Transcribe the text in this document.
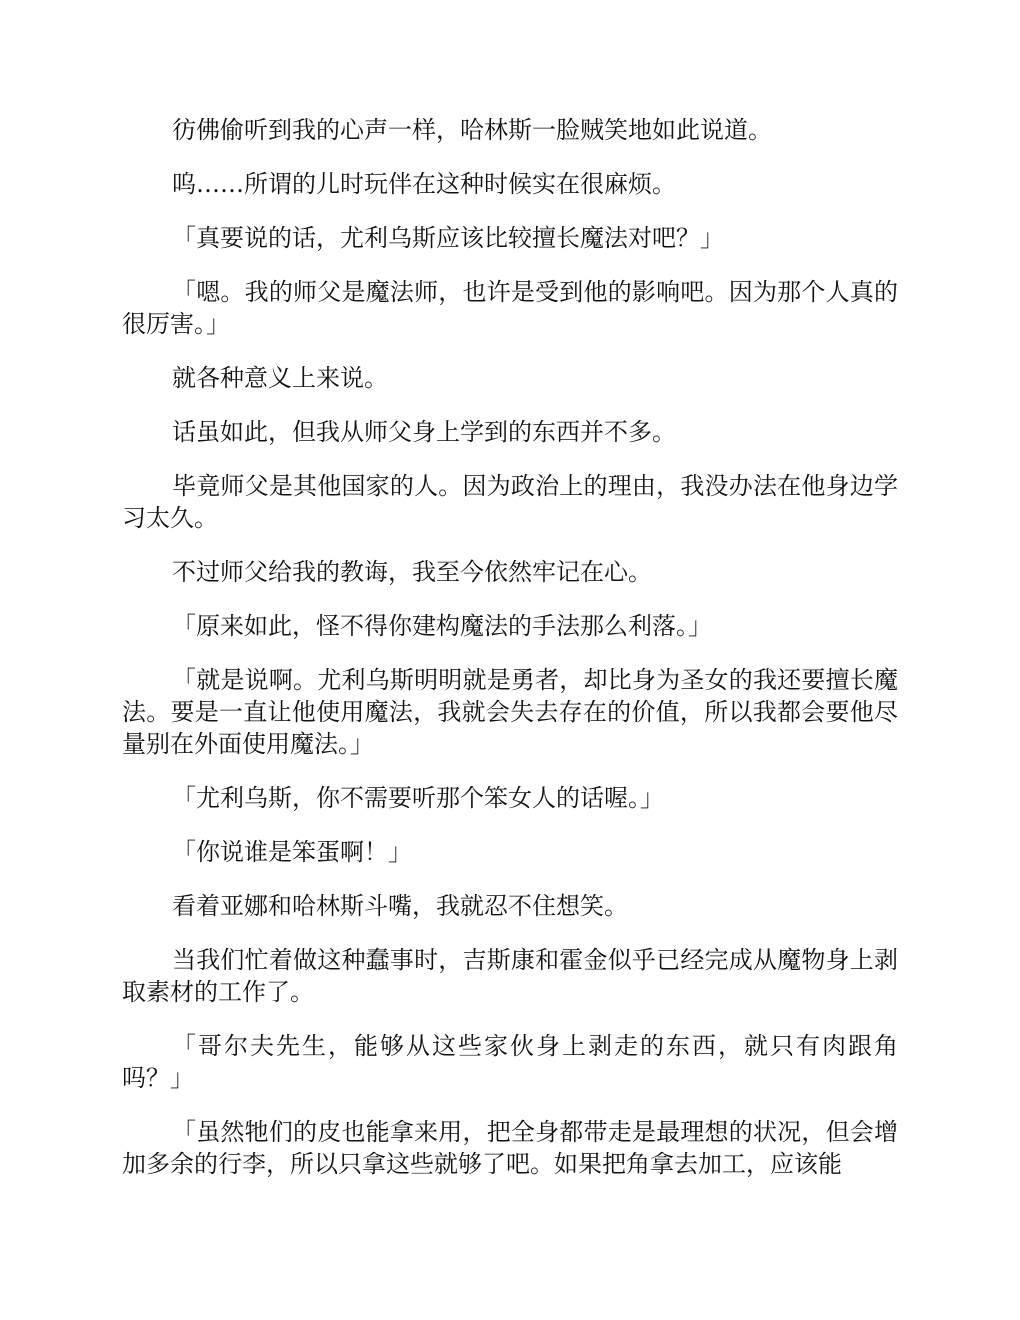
彷佛偷听到我的心声一样，哈林斯一脸贼笑地如此说道。

呜……所谓的儿时玩伴在这种时候实在很麻烦。

「真要说的话，尤利乌斯应该比较擅长魔法对吧？」

「嗯。我的师父是魔法师，也许是受到他的影响吧。因为那个人真的很厉害。」

就各种意义上来说。

话虽如此，但我从师父身上学到的东西并不多。

毕竟师父是其他国家的人。因为政治上的理由，我没办法在他身边学习太久。

不过师父给我的教诲，我至今依然牢记在心。

「原来如此，怪不得你建构魔法的手法那么利落。」

「就是说啊。尤利乌斯明明就是勇者，却比身为圣女的我还要擅长魔法。要是一直让他使用魔法，我就会失去存在的价值，所以我都会要他尽量别在外面使用魔法。」

「尤利乌斯，你不需要听那个笨女人的话喔。」

「你说谁是笨蛋啊！」

看着亚娜和哈林斯斗嘴，我就忍不住想笑。

当我们忙着做这种蠢事时，吉斯康和霍金似乎已经完成从魔物身上剥取素材的工作了。

「哥尔夫先生，能够从这些家伙身上剥走的东西，就只有肉跟角吗？」

「虽然牠们的皮也能拿来用，把全身都带走是最理想的状况，但会增加多余的行李，所以只拿这些就够了吧。如果把角拿去加工，应该能
